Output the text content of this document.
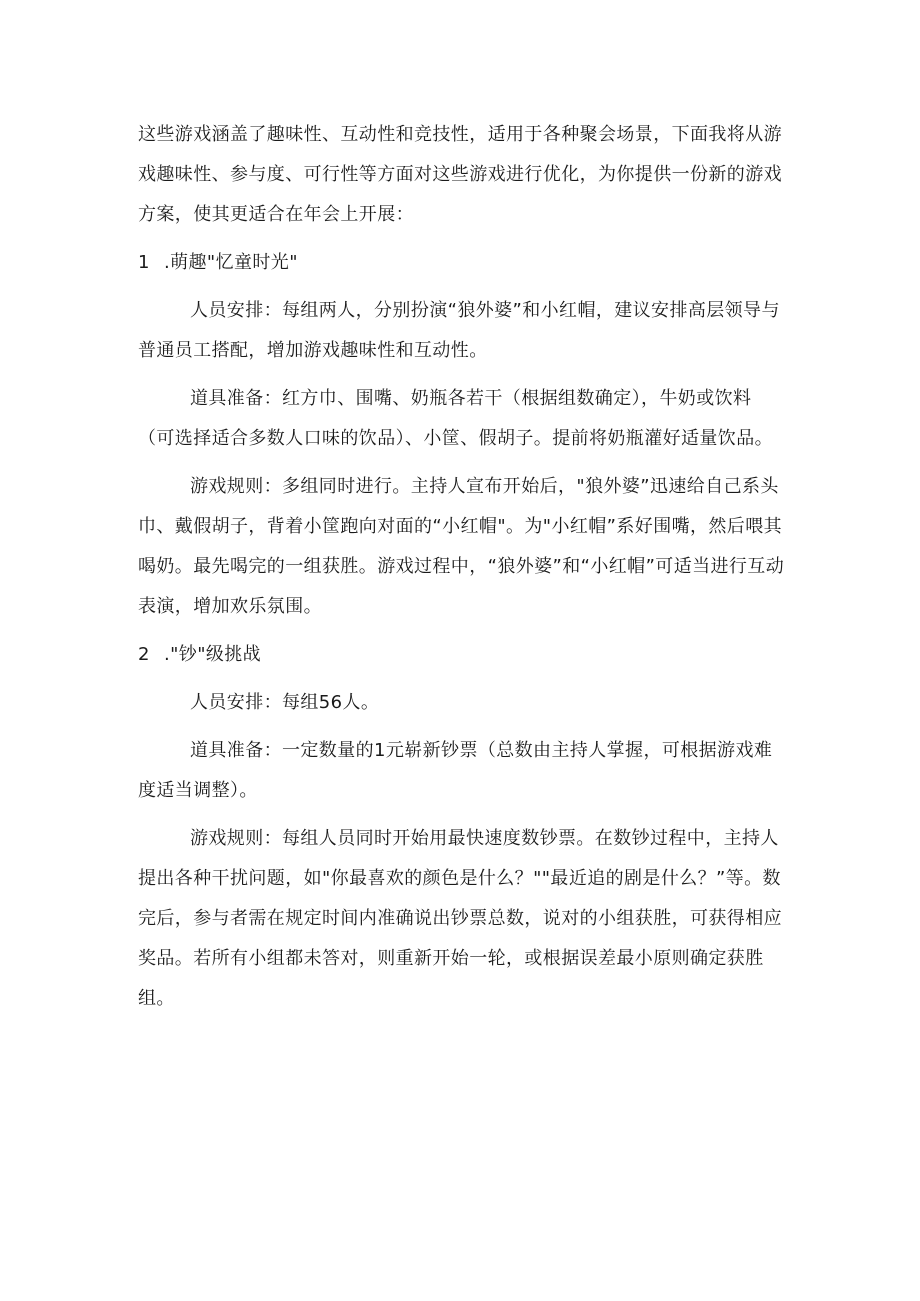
这些游戏涵盖了趣味性、互动性和竞技性，适用于各种聚会场景，下面我将从游戏趣味性、参与度、可行性等方面对这些游戏进行优化，为你提供一份新的游戏方案，使其更适合在年会上开展：

1 .萌趣"忆童时光"

人员安排：每组两人，分别扮演“狼外婆”和小红帽，建议安排高层领导与普通员工搭配，增加游戏趣味性和互动性。

道具准备：红方巾、围嘴、奶瓶各若干（根据组数确定），牛奶或饮料（可选择适合多数人口味的饮品）、小筐、假胡子。提前将奶瓶灌好适量饮品。

游戏规则：多组同时进行。主持人宣布开始后，"狼外婆”迅速给自己系头巾、戴假胡子，背着小筐跑向对面的“小红帽"。为"小红帽”系好围嘴，然后喂其喝奶。最先喝完的一组获胜。游戏过程中，“狼外婆”和“小红帽”可适当进行互动表演，增加欢乐氛围。

2 ."钞"级挑战

人员安排：每组56人。

道具准备：一定数量的1元崭新钞票（总数由主持人掌握，可根据游戏难度适当调整）。

游戏规则：每组人员同时开始用最快速度数钞票。在数钞过程中，主持人提出各种干扰问题，如"你最喜欢的颜色是什么？""最近追的剧是什么？”等。数完后，参与者需在规定时间内准确说出钞票总数，说对的小组获胜，可获得相应奖品。若所有小组都未答对，则重新开始一轮，或根据误差最小原则确定获胜组。
